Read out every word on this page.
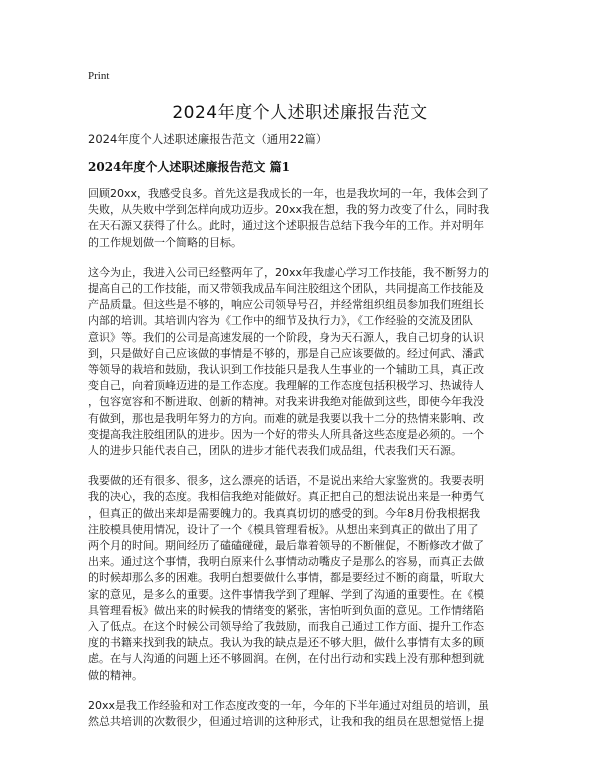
Print
2024年度个人述职述廉报告范文
2024年度个人述职述廉报告范文（通用22篇）
2024年度个人述职述廉报告范文 篇1

回顾20xx，我感受良多。首先这是我成长的一年，也是我坎坷的一年，我体会到了
失败，从失败中学到怎样向成功迈步。20xx我在想，我的努力改变了什么，同时我
在天石源又获得了什么。此时，通过这个述职报告总结下我今年的工作。并对明年
的工作规划做一个简略的目标。

这今为止，我进入公司已经整两年了，20xx年我虚心学习工作技能，我不断努力的
提高自己的工作技能，而又带领我成品车间注胶组这个团队，共同提高工作技能及
产品质量。但这些是不够的，响应公司领导号召，并经常组织组员参加我们班组长
内部的培训。其培训内容为《工作中的细节及执行力》，《工作经验的交流及团队
意识》等。我们的公司是高速发展的一个阶段，身为天石源人，我自己切身的认识
到，只是做好自己应该做的事情是不够的，那是自己应该要做的。经过何武、潘武
等领导的栽培和鼓励，我认识到工作技能只是我人生事业的一个辅助工具，真正改
变自己，向着顶峰迈进的是工作态度。我理解的工作态度包括积极学习、热诚待人
，包容宽容和不断进取、创新的精神。对我来讲我绝对能做到这些，即使今年我没
有做到，那也是我明年努力的方向。而难的就是我要以我十二分的热情来影响、改
变提高我注胶组团队的进步。因为一个好的带头人所具备这些态度是必须的。一个
人的进步只能代表自己，团队的进步才能代表我们成品组，代表我们天石源。

我要做的还有很多、很多，这么漂亮的话语，不是说出来给大家鉴赏的。我要表明
我的决心，我的态度。我相信我绝对能做好。真正把自己的想法说出来是一种勇气
，但真正的做出来却是需要魄力的。我真真切切的感受的到。今年8月份我根据我
注胶模具使用情况，设计了一个《模具管理看板》。从想出来到真正的做出了用了
两个月的时间。期间经历了磕磕碰碰，最后靠着领导的不断催促，不断修改才做了
出来。通过这个事情，我明白原来什么事情动动嘴皮子是那么的容易，而真正去做
的时候却那么多的困难。我明白想要做什么事情，都是要经过不断的商量，听取大
家的意见，是多么的重要。这件事情我学到了理解、学到了沟通的重要性。在《模
具管理看板》做出来的时候我的情绪变的紧张，害怕听到负面的意见。工作情绪陷
入了低点。在这个时候公司领导给了我鼓励，而我自己通过工作方面、提升工作态
度的书籍来找到我的缺点。我认为我的缺点是还不够大胆，做什么事情有太多的顾
虑。在与人沟通的问题上还不够圆润。在例，在付出行动和实践上没有那种想到就
做的精神。

20xx是我工作经验和对工作态度改变的一年，今年的下半年通过对组员的培训，虽
然总共培训的次数很少，但通过培训的这种形式，让我和我的组员在思想觉悟上提
